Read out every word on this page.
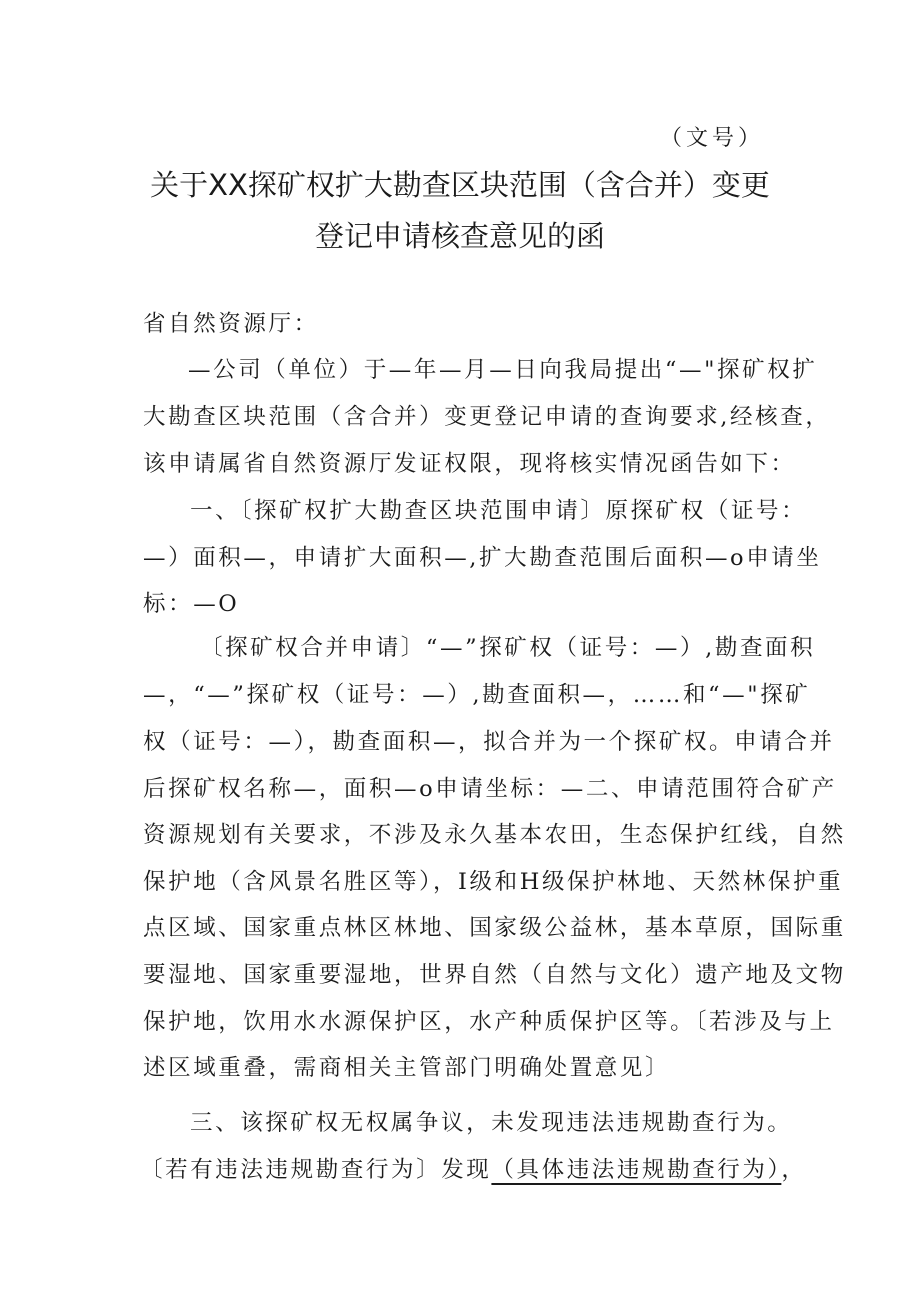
（文号）
关于XX探矿权扩大勘查区块范围（含合并）变更
登记申请核查意见的函
省自然资源厅：
—公司（单位）于—年—月—日向我局提出“—"探矿权扩
大勘查区块范围（含合并）变更登记申请的查询要求,经核查，
该申请属省自然资源厅发证权限，现将核实情况函告如下：
一、〔探矿权扩大勘查区块范围申请〕原探矿权（证号：
—）面积—，申请扩大面积—,扩大勘查范围后面积—o申请坐
标：—O
〔探矿权合并申请〕“—”探矿权（证号：—）,勘查面积
—，“—”探矿权（证号：—）,勘查面积—，……和“—"探矿
权（证号：—），勘查面积—，拟合并为一个探矿权。申请合并
后探矿权名称—，面积—o申请坐标：—二、申请范围符合矿产
资源规划有关要求，不涉及永久基本农田，生态保护红线，自然
保护地（含风景名胜区等），I级和H级保护林地、天然林保护重
点区域、国家重点林区林地、国家级公益林，基本草原，国际重
要湿地、国家重要湿地，世界自然（自然与文化）遗产地及文物
保护地，饮用水水源保护区，水产种质保护区等。〔若涉及与上
述区域重叠，需商相关主管部门明确处置意见〕
三、该探矿权无权属争议，未发现违法违规勘查行为。
〔若有违法违规勘查行为〕发现（具体违法违规勘查行为），
